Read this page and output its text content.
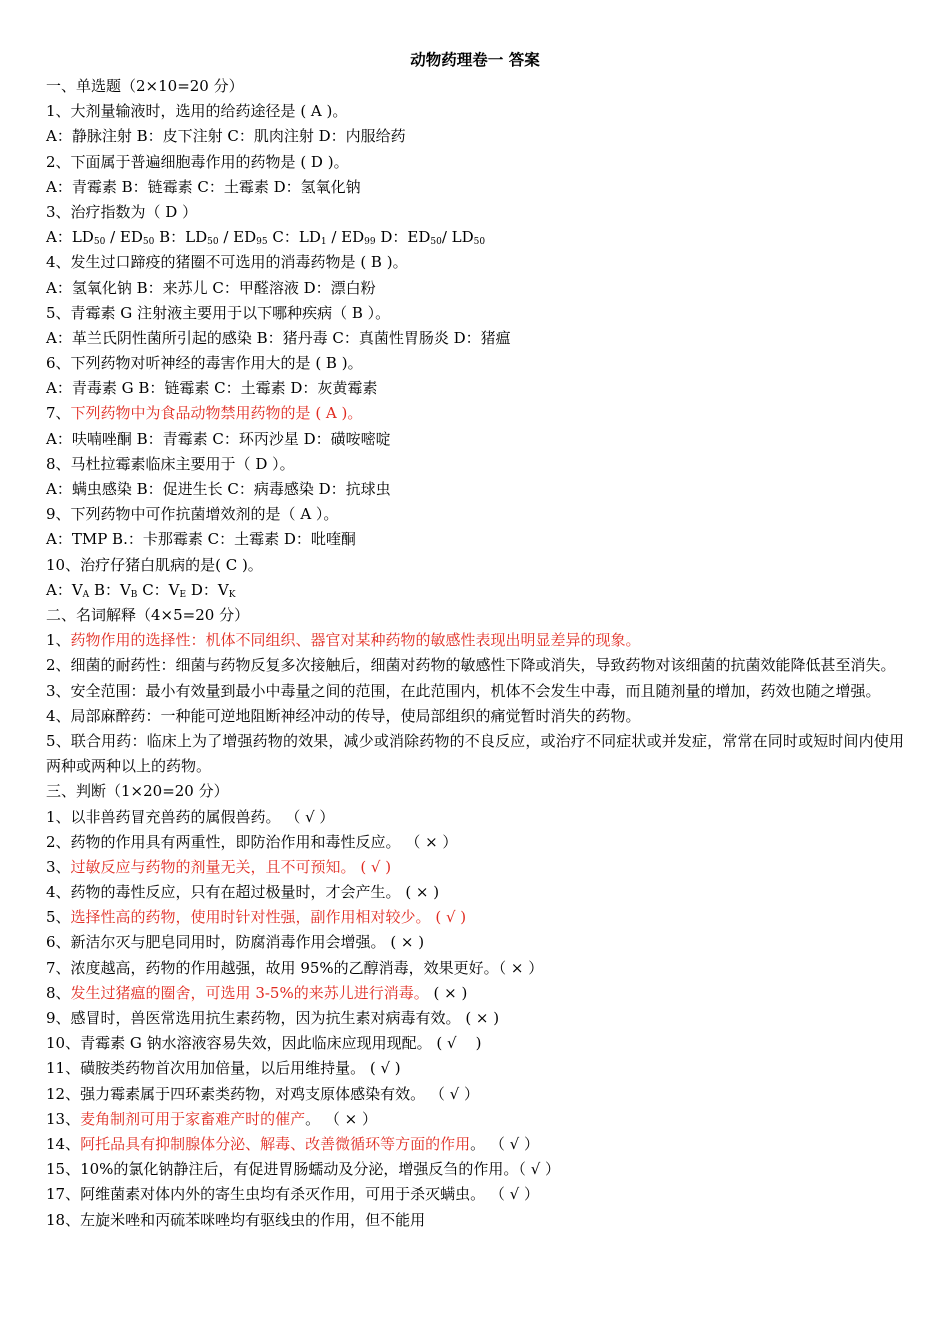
动物药理卷一 答案
一、单选题（2×10=20 分）
1、大剂量输液时，选用的给药途径是 ( A )。
A：静脉注射 B：皮下注射 C：肌肉注射 D：内服给药
2、下面属于普遍细胞毒作用的药物是 ( D )。
A：青霉素 B：链霉素 C：土霉素 D：氢氧化钠
3、治疗指数为（ D ）
A：$LD_{50} / ED_{50}$ B：$LD_{50} / ED_{95}$ C：$LD_1 / ED_{99}$ D：$ED_{50}/$ $LD_{50}$
4、发生过口蹄疫的猪圈不可选用的消毒药物是 ( B )。
A：氢氧化钠 B：来苏儿 C：甲醛溶液 D：漂白粉
5、青霉素 G 注射液主要用于以下哪种疾病（ B ）。
A：革兰氏阴性菌所引起的感染 B：猪丹毒 C：真菌性胃肠炎 D：猪瘟
6、下列药物对听神经的毒害作用大的是 ( B )。
A：青毒素 G B：链霉素 C：土霉素 D：灰黄霉素
7、下列药物中为食品动物禁用药物的是 ( A )。
A：呋喃唑酮 B：青霉素 C：环丙沙星 D：磺咹嘧啶
8、马杜拉霉素临床主要用于（ D ）。
A：螨虫感染 B：促进生长 C：病毒感染 D：抗球虫
9、下列药物中可作抗菌增效剂的是（ A ）。
A：TMP B.：卡那霉素 C：土霉素 D：吡喹酮
10、治疗仔猪白肌病的是( C )。
A：$V_A$ B：$V_B$ C：$V_E$ D：$V_K$
二、名词解释（4×5=20 分）
1、药物作用的选择性：机体不同组织、器官对某种药物的敏感性表现出明显差异的现象。
2、细菌的耐药性：细菌与药物反复多次接触后，细菌对药物的敏感性下降或消失，导致药物对该细菌的抗菌效能降低甚至消失。
3、安全范围：最小有效量到最小中毒量之间的范围，在此范围内，机体不会发生中毒，而且随剂量的增加，药效也随之增强。
4、局部麻醉药：一种能可逆地阻断神经冲动的传导，使局部组织的痛觉暂时消失的药物。
5、联合用药：临床上为了增强药物的效果，减少或消除药物的不良反应，或治疗不同症状或并发症，常常在同时或短时间内使用两种或两种以上的药物。
三、判断（1×20=20 分）
1、以非兽药冒充兽药的属假兽药。 （ √ ）
2、药物的作用具有两重性，即防治作用和毒性反应。 （ × ）
3、过敏反应与药物的剂量无关，且不可预知。 ( √ )
4、药物的毒性反应，只有在超过极量时，才会产生。 ( × )
5、选择性高的药物，使用时针对性强，副作用相对较少。 ( √ )
6、新洁尔灭与肥皂同用时，防腐消毒作用会增强。 ( × )
7、浓度越高，药物的作用越强，故用 95%的乙醇消毒，效果更好。（ × ）
8、发生过猪瘟的圈舍，可选用 3-5%的来苏儿进行消毒。 ( × )
9、感冒时，兽医常选用抗生素药物，因为抗生素对病毒有效。 ( × )
10、青霉素 G 钠水溶液容易失效，因此临床应现用现配。 ( √    )
11、磺胺类药物首次用加倍量，以后用维持量。 ( √ )
12、强力霉素属于四环素类药物，对鸡支原体感染有效。 （ √ ）
13、麦角制剂可用于家畜难产时的催产。 （ × ）
14、阿托品具有抑制腺体分泌、解毒、改善微循环等方面的作用。 （ √ ）
15、10%的氯化钠静注后，有促进胃肠蠕动及分泌，增强反刍的作用。（ √ ）
17、阿维菌素对体内外的寄生虫均有杀灭作用，可用于杀灭螨虫。 （ √ ）
18、左旋米唑和丙硫苯咪唑均有驱线虫的作用，但不能用
